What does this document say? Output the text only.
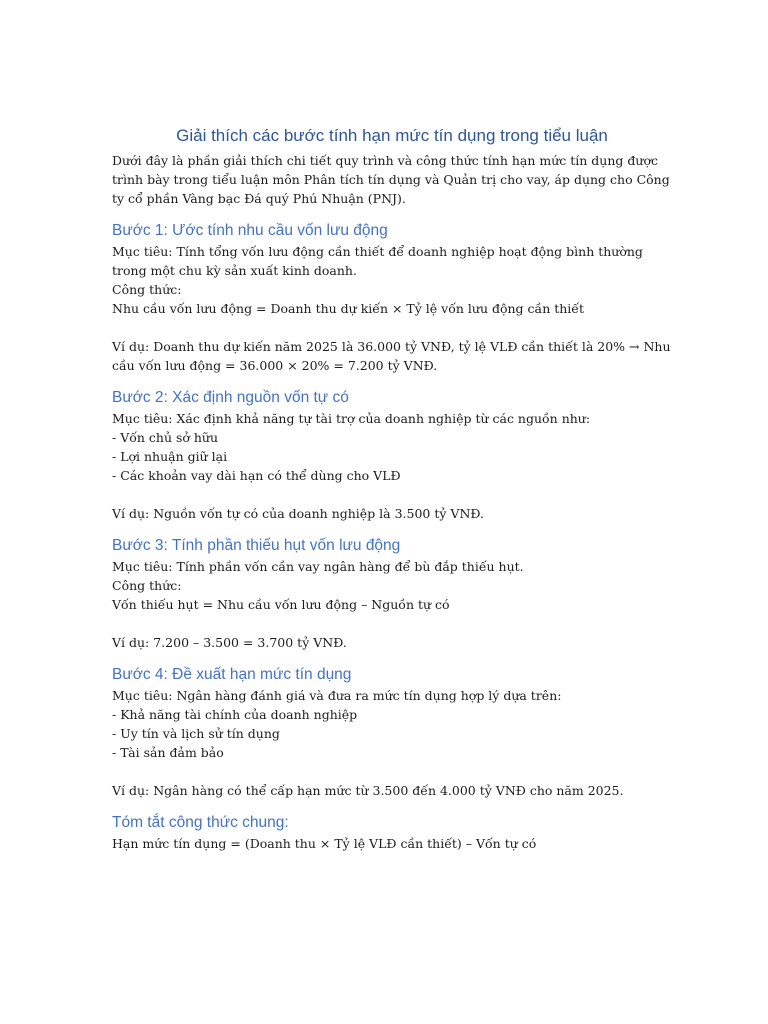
Giải thích các bước tính hạn mức tín dụng trong tiểu luận

Dưới đây là phần giải thích chi tiết quy trình và công thức tính hạn mức tín dụng được trình bày trong tiểu luận môn Phân tích tín dụng và Quản trị cho vay, áp dụng cho Công ty cổ phần Vàng bạc Đá quý Phú Nhuận (PNJ).

Bước 1: Ước tính nhu cầu vốn lưu động
Mục tiêu: Tính tổng vốn lưu động cần thiết để doanh nghiệp hoạt động bình thường trong một chu kỳ sản xuất kinh doanh.
Công thức:
Nhu cầu vốn lưu động = Doanh thu dự kiến × Tỷ lệ vốn lưu động cần thiết
Ví dụ: Doanh thu dự kiến năm 2025 là 36.000 tỷ VNĐ, tỷ lệ VLĐ cần thiết là 20% → Nhu cầu vốn lưu động = 36.000 × 20% = 7.200 tỷ VNĐ.
Bước 2: Xác định nguồn vốn tự có
Mục tiêu: Xác định khả năng tự tài trợ của doanh nghiệp từ các nguồn như:
- Vốn chủ sở hữu
- Lợi nhuận giữ lại
- Các khoản vay dài hạn có thể dùng cho VLĐ
Ví dụ: Nguồn vốn tự có của doanh nghiệp là 3.500 tỷ VNĐ.
Bước 3: Tính phần thiếu hụt vốn lưu động
Mục tiêu: Tính phần vốn cần vay ngân hàng để bù đắp thiếu hụt.
Công thức:
Vốn thiếu hụt = Nhu cầu vốn lưu động – Nguồn tự có
Ví dụ: 7.200 – 3.500 = 3.700 tỷ VNĐ.
Bước 4: Đề xuất hạn mức tín dụng
Mục tiêu: Ngân hàng đánh giá và đưa ra mức tín dụng hợp lý dựa trên:
- Khả năng tài chính của doanh nghiệp
- Uy tín và lịch sử tín dụng
- Tài sản đảm bảo
Ví dụ: Ngân hàng có thể cấp hạn mức từ 3.500 đến 4.000 tỷ VNĐ cho năm 2025.
Tóm tắt công thức chung:
Hạn mức tín dụng = (Doanh thu × Tỷ lệ VLĐ cần thiết) – Vốn tự có
